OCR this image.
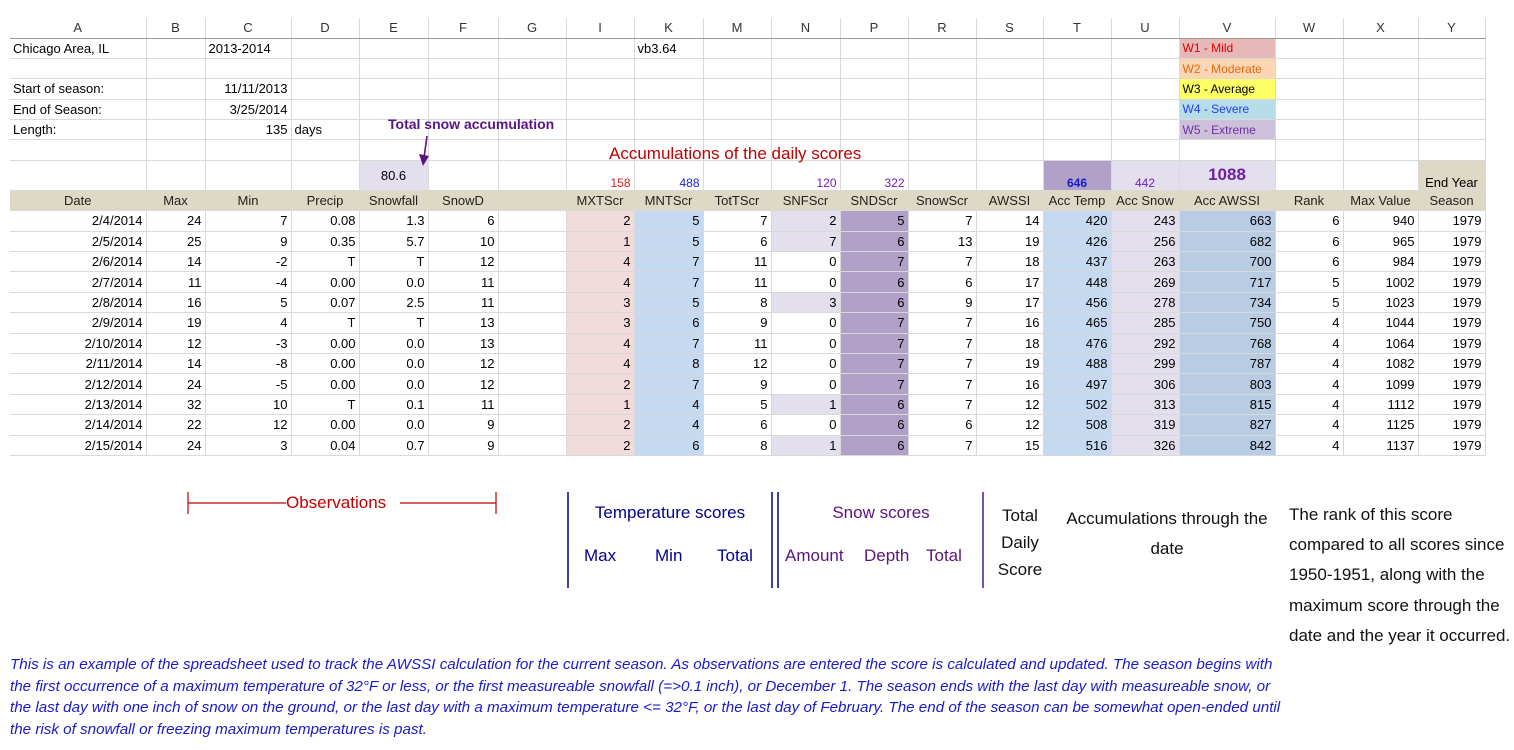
A	B	C	D	E	F	G	I	K	M	N	P	R	S	T	U	V	W	X	Y
Chicago Area, IL		2013-2014						vb3.64								W1 - Mild			
																W2 - Moderate			
Start of season:		11/11/2013														W3 - Average			
End of Season:		3/25/2014														W4 - Severe			
Length:		135	days													W5 - Extreme			

				80.6			158	488		120	322			646	442	1088			End Year
Date	Max	Min	Precip	Snowfall	SnowD		MXTScr	MNTScr	TotTScr	SNFScr	SNDScr	SnowScr	AWSSI	Acc Temp	Acc Snow	Acc AWSSI	Rank	Max Value	Season
2/4/2014	24	7	0.08	1.3	6		2	5	7	2	5	7	14	420	243	663	6	940	1979
2/5/2014	25	9	0.35	5.7	10		1	5	6	7	6	13	19	426	256	682	6	965	1979
2/6/2014	14	-2	T	T	12		4	7	11	0	7	7	18	437	263	700	6	984	1979
2/7/2014	11	-4	0.00	0.0	11		4	7	11	0	6	6	17	448	269	717	5	1002	1979
2/8/2014	16	5	0.07	2.5	11		3	5	8	3	6	9	17	456	278	734	5	1023	1979
2/9/2014	19	4	T	T	13		3	6	9	0	7	7	16	465	285	750	4	1044	1979
2/10/2014	12	-3	0.00	0.0	13		4	7	11	0	7	7	18	476	292	768	4	1064	1979
2/11/2014	14	-8	0.00	0.0	12		4	8	12	0	7	7	19	488	299	787	4	1082	1979
2/12/2014	24	-5	0.00	0.0	12		2	7	9	0	7	7	16	497	306	803	4	1099	1979
2/13/2014	32	10	T	0.1	11		1	4	5	1	6	7	12	502	313	815	4	1112	1979
2/14/2014	22	12	0.00	0.0	9		2	4	6	0	6	6	12	508	319	827	4	1125	1979
2/15/2014	24	3	0.04	0.7	9		2	6	8	1	6	7	15	516	326	842	4	1137	1979
Total snow accumulation
Accumulations of the daily scores
Observations
Temperature scores
Max Min Total
Snow scores
Amount Depth Total
Total Daily Score
Accumulations through the date
The rank of this score compared to all scores since 1950-1951, along with the maximum score through the date and the year it occurred.
This is an example of the spreadsheet used to track the AWSSI calculation for the current season. As observations are entered the score is calculated and updated. The season begins with the first occurrence of a maximum temperature of 32°F or less, or the first measureable snowfall (=>0.1 inch), or December 1. The season ends with the last day with measureable snow, or the last day with one inch of snow on the ground, or the last day with a maximum temperature <= 32°F, or the last day of February. The end of the season can be somewhat open-ended until the risk of snowfall or freezing maximum temperatures is past.
